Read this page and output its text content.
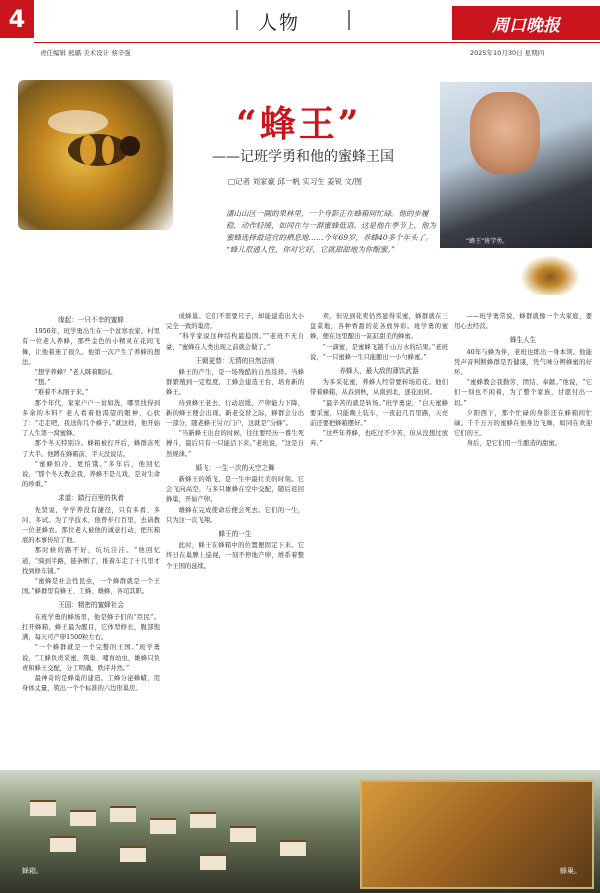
4
责任编辑 熊璐 美术设计 蔡辛强
人物	周口晚报
2025年10月30日 星期四
“蜂王”班学勇。
“蜂王”
——记班学勇和他的蜜蜂王国
□记者 刘家豪 邱一帆 实习生 姜锐 文/图

潘山山区一隅的果林里，一个身影正在蜂箱间忙碌。他的步履稳，动作轻缓，如同在与一群蜜蜂低语。这是他在季节上，他为蜜蜂选择最适宜的栖息地……今年69岁，养蜂40多个年头了。

“蜂儿很通人性，你对它好，它就甜甜地为你酿蜜。”

缘起：一只不幸的蜜蜂

1956年，班学勇出生在一个贫寒农家。村里有一位老人养蜂，那些金色的小精灵在花间飞舞，让他着迷了很久。他第一次产生了养蜂的想法。

“想学养蜂？”老人眯着眼问。

“想。”

“难着不木刚子来。”

那个年代，家家户户一贫如洗，哪里找得到多余的木料？老人看着他渴望的眼神，心软了：“走走吧，我送你几个蜂子。”就这样，他开始了人生第一窝蜜蜂。

那个冬天特别冷。蜂箱被打开后，蜂群冻死了大半。他蹲在蜂箱前，半天没说话。

“蜜蜂怕冷，更怕饿。”多年后，他回忆说，“那个冬天教会我，养蜂不是儿戏，是对生命的珍重。”

求道：踏行百里的执着

先贤说，学学养没有捷径，只有多看、多问、多试。为了学技术，他曾步行百里，去请教一位老蜂农。那位老人被他的诚意打动，把压箱底的本事传给了他。

那时候的路不好，坑坑洼洼。“他回忆道，“骑到半路，链条断了，推着车走了十几里才找到修车铺。”

“蜜蜂是社会性昆虫，一个蜂群就是一个王国。”蜂群里有蜂王、工蜂、雄蜂，各司其职。

王国：精密的蜜蜂社会

在班学勇的蜂场里，他是蜂子们的“臣民”。打开蜂箱，蜂王最为醒目，它体型修长，腹部饱满，每天可产卵1500粒左右。

“一个蜂群就是一个完整的王国。”班学勇说，“工蜂负责采蜜、筑巢、哺育幼虫，雄蜂只负责和蜂王交配，分工明确，秩序井然。”

最神奇的是蜂巢的建造。工蜂分泌蜂蜡，用身体丈量，筑出一个个标准的六边形巢房。

成蜂巢。它们不需要尺子，却能建造出大小完全一致的巢房。

“科学家说这种结构最稳固。”“老班不无自豪，“蜜蜂在人类出现之前就会做了。”

王朝更替：无情的自然法则

蜂王的产生，是一场残酷的自然选择。当蜂群繁殖到一定程度，工蜂会建造王台，培育新的蜂王。

待到蜂王老去，行动迟缓，产卵能力下降，新的蜂王便会出现。新老交替之际，蜂群会分出一部分，随老蜂王另立门户，这就是“分蜂”。

“当新蜂王出台的时候，往往要经历一番生死搏斗，最后只有一只能活下来。”老班说，“这是自然规律。”

婚飞：一生一次的天空之舞

新蜂王的婚飞，是一生中最壮美的时刻。它会飞向高空，与多只雄蜂在空中交配，随后返回蜂巢，开始产卵。

雄蜂在完成使命后便会死去。它们的一生，只为这一次飞翔。

蜂王的一生

此时，蜂王在蜂箱中的位置便固定下来。它终日在巢脾上巡视，一刻不停地产卵，维系着整个王国的延续。

卖，但见到花卖仍然显得采蜜，蜂群就在三盘菜地，各种香甜的花各放异彩。班学勇的蜜蜂，便在这里酿出一缸缸甜美的蜂蜜。

“一滴蜜，是蜜蜂飞越千山万水的结果。”老班说，“一只蜜蜂一生只能酿出一小勺蜂蜜。”

养蜂人，最大敌的薄饮武器

为多采花蜜，养蜂人经常要转场追花。他们带着蜂箱，从春到秋，从南到北，逐花而居。

“最辛苦的就是转场。”班学勇说，“白天蜜蜂要采蜜，只能晚上装车，一夜赶几百里路，天亮前还要把蜂箱摆好。”

“这些年养蜂，也吃过不少苦，但从没想过放弃。”

——班学勇常说，蜂群就像一个大家庭，要用心去经营。

蜂生人生

40年与蜂为伴，老班也练出一身本领。他能凭声音判断蜂群是否健康，凭气味分辨蜂蜜的好坏。

“蜜蜂教会我勤劳、团结、奉献。”他说，“它们一刻也不闲着，为了整个家族，甘愿付出一切。”

夕阳西下，那个忙碌的身影还在蜂箱间忙碌。千千万万的蜜蜂在他身边飞舞，如同在欢迎它们的王。

身后，是它们用一生酿造的甜蜜。

蜂箱。	蜂巢。
